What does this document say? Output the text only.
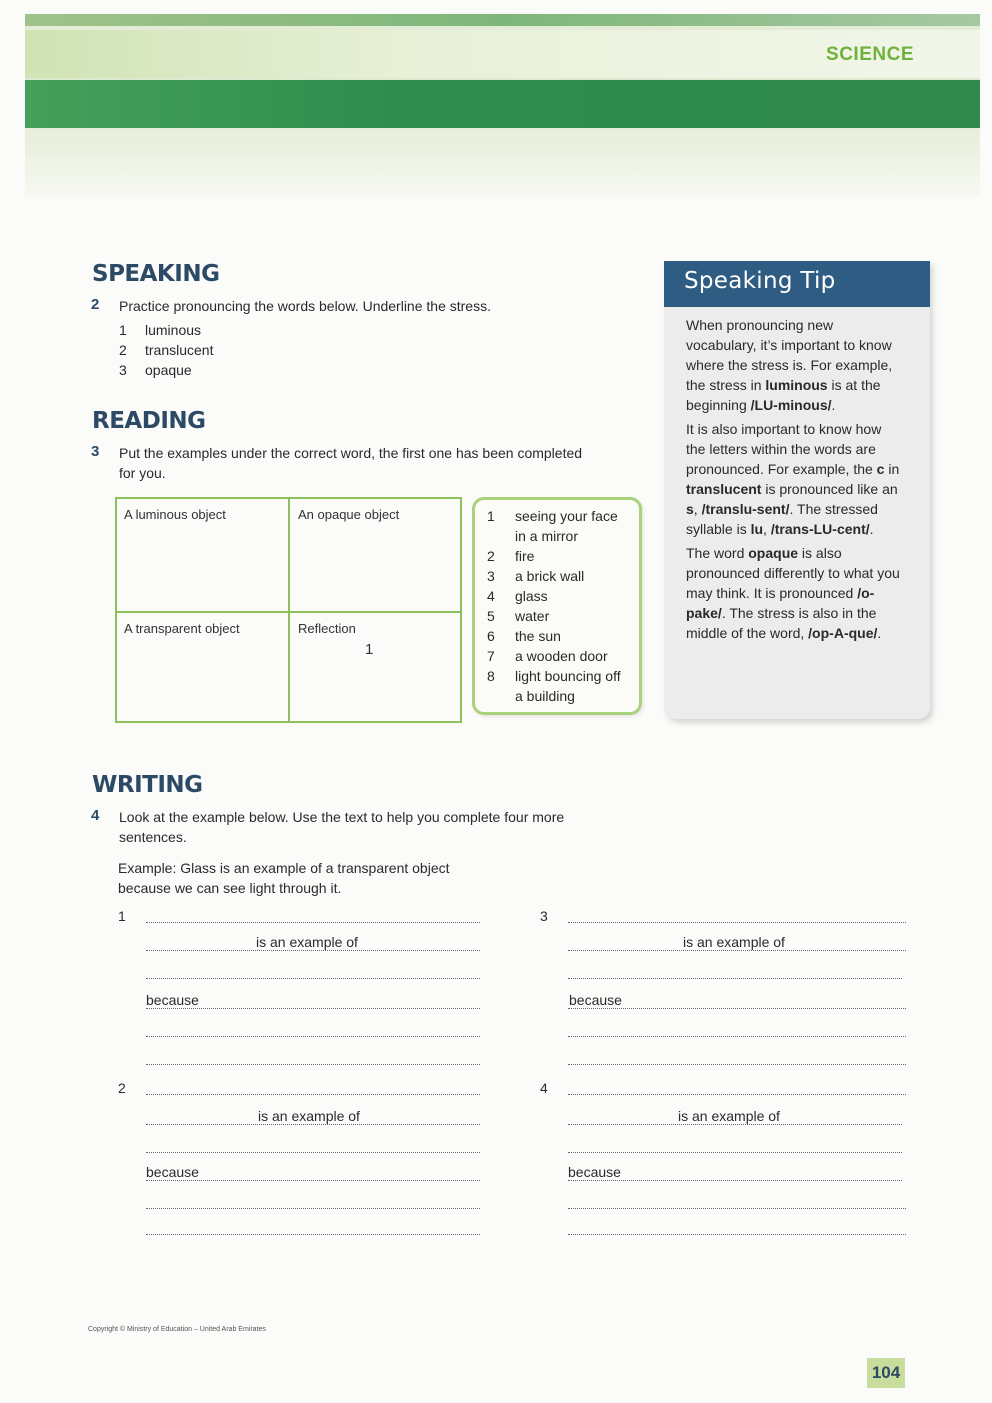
SCIENCE
SPEAKING
2 Practice pronouncing the words below. Underline the stress.
1	luminous
2	translucent
3	opaque
READING
3 Put the examples under the correct word, the first one has been completed
for you.
A luminous object	An opaque object
A transparent object	Reflection
1
1	seeing your face
in a mirror
2	fire
3	a brick wall
4	glass
5	water
6	the sun
7	a wooden door
8	light bouncing off
a building
Speaking Tip

When pronouncing new vocabulary, it’s important to know where the stress is. For example, the stress in luminous is at the beginning /LU-minous/.

It is also important to know how the letters within the words are pronounced. For example, the c in translucent is pronounced like an s, /translu-sent/. The stressed syllable is lu, /trans-LU-cent/.

The word opaque is also pronounced differently to what you may think. It is pronounced /o-pake/. The stress is also in the middle of the word, /op-A-que/.

WRITING
4 Look at the example below. Use the text to help you complete four more
sentences.
Example: Glass is an example of a transparent object
because we can see light through it.
1
is an example of
because
2
is an example of
because
3
is an example of
because
4
is an example of
because
Copyright © Ministry of Education – United Arab Emirates
104
